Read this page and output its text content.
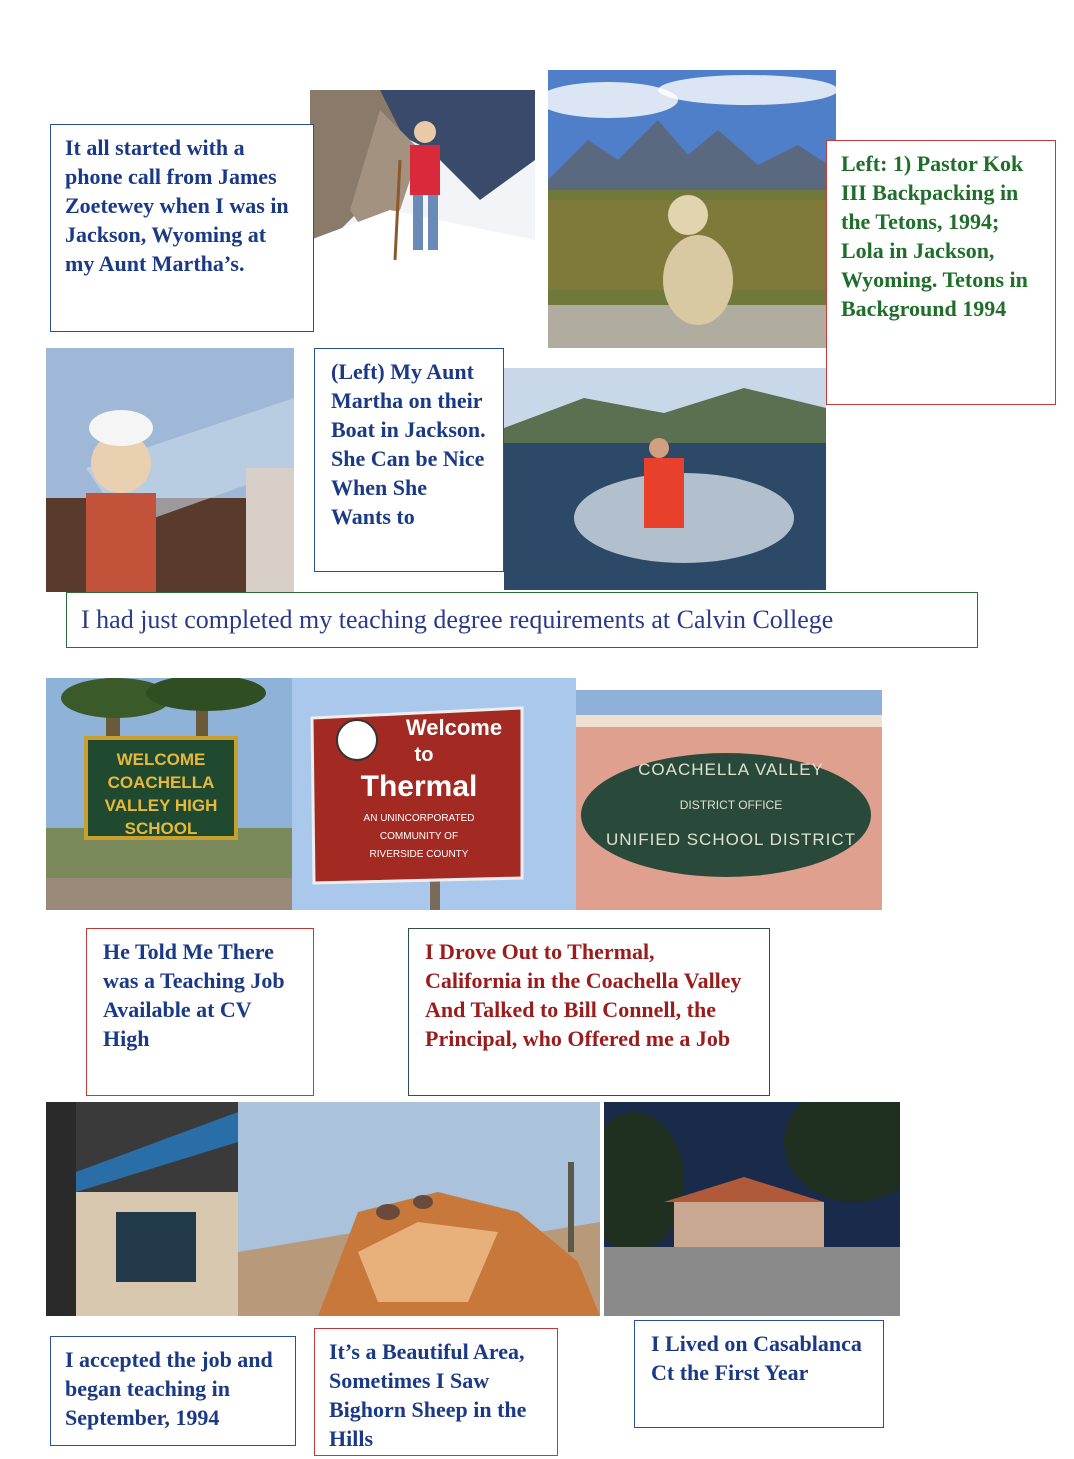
It all started with a phone call from James Zoetewey when I was in Jackson, Wyoming at my Aunt Martha’s.
Left: 1) Pastor Kok III Backpacking in the Tetons, 1994; Lola in Jackson, Wyoming. Tetons in Background 1994
(Left) My Aunt Martha on their Boat in Jackson. She Can be Nice When She Wants to
I had just completed my teaching degree requirements at Calvin College
WELCOME COACHELLA VALLEY HIGH SCHOOL
Welcome
to
Thermal
AN UNINCORPORATED
COMMUNITY OF
RIVERSIDE COUNTY
COACHELLA VALLEY
DISTRICT OFFICE
UNIFIED SCHOOL DISTRICT
He Told Me There was a Teaching Job Available at CV High
I Drove Out to Thermal, California in the Coachella Valley And Talked to Bill Connell, the Principal, who Offered me a Job
I accepted the job and began teaching in September, 1994
It’s a Beautiful Area, Sometimes I Saw Bighorn Sheep in the Hills
I Lived on Casablanca Ct the First Year
